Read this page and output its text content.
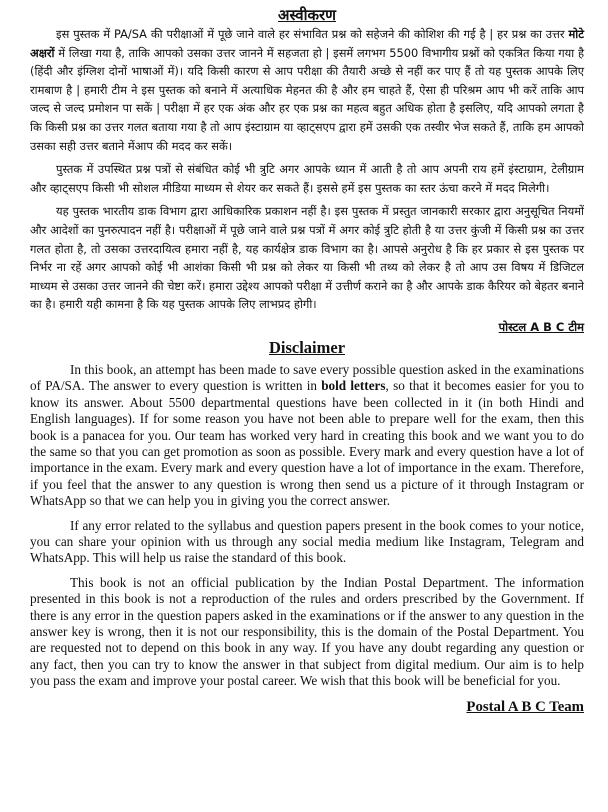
अस्वीकरण

इस पुस्तक में PA/SA की परीक्षाओं में पूछे जाने वाले हर संभावित प्रश्न को सहेजने की कोशिश की गई है | हर प्रश्न का उत्तर मोटे अक्षरों में लिखा गया है, ताकि आपको उसका उत्तर जानने में सहजता हो | इसमें लगभग 5500 विभागीय प्रश्नों को एकत्रित किया गया है (हिंदी और इंग्लिश दोनों भाषाओं में)। यदि किसी कारण से आप परीक्षा की तैयारी अच्छे से नहीं कर पाए हैं तो यह पुस्तक आपके लिए रामबाण है | हमारी टीम ने इस पुस्तक को बनाने में अत्याधिक मेहनत की है और हम चाहते हैं, ऐसा ही परिश्रम आप भी करें ताकि आप जल्द से जल्द प्रमोशन पा सकें | परीक्षा में हर एक अंक और हर एक प्रश्न का महत्व बहुत अधिक होता है इसलिए, यदि आपको लगता है कि किसी प्रश्न का उत्तर गलत बताया गया है तो आप इंस्टाग्राम या व्हाट्सएप द्वारा हमें उसकी एक तस्वीर भेज सकते हैं, ताकि हम आपको उसका सही उत्तर बताने मेंआप की मदद कर सकें।

पुस्तक में उपस्थित प्रश्न पत्रों से संबंधित कोई भी त्रुटि अगर आपके ध्यान में आती है तो आप अपनी राय हमें इंस्टाग्राम, टेलीग्राम और व्हाट्सएप किसी भी सोशल मीडिया माध्यम से शेयर कर सकते हैं। इससे हमें इस पुस्तक का स्तर ऊंचा करने में मदद मिलेगी।

यह पुस्तक भारतीय डाक विभाग द्वारा आधिकारिक प्रकाशन नहीं है। इस पुस्तक में प्रस्तुत जानकारी सरकार द्वारा अनुसूचित नियमों और आदेशों का पुनरुत्पादन नहीं है। परीक्षाओं में पूछे जाने वाले प्रश्न पत्रों में अगर कोई त्रुटि होती है या उत्तर कुंजी में किसी प्रश्न का उत्तर गलत होता है, तो उसका उत्तरदायित्व हमारा नहीं है, यह कार्यक्षेत्र डाक विभाग का है। आपसे अनुरोध है कि हर प्रकार से इस पुस्तक पर निर्भर ना रहें अगर आपको कोई भी आशंका किसी भी प्रश्न को लेकर या किसी भी तथ्य को लेकर है तो आप उस विषय में डिजिटल माध्यम से उसका उत्तर जानने की चेष्टा करें। हमारा उद्देश्य आपको परीक्षा में उत्तीर्ण कराने का है और आपके डाक कैरियर को बेहतर बनाने का है। हमारी यही कामना है कि यह पुस्तक आपके लिए लाभप्रद होगी।

पोस्टल A B C टीम
Disclaimer

In this book, an attempt has been made to save every possible question asked in the examinations of PA/SA. The answer to every question is written in bold letters, so that it becomes easier for you to know its answer. About 5500 departmental questions have been collected in it (in both Hindi and English languages). If for some reason you have not been able to prepare well for the exam, then this book is a panacea for you. Our team has worked very hard in creating this book and we want you to do the same so that you can get promotion as soon as possible. Every mark and every question have a lot of importance in the exam. Every mark and every question have a lot of importance in the exam. Therefore, if you feel that the answer to any question is wrong then send us a picture of it through Instagram or WhatsApp so that we can help you in giving you the correct answer.

If any error related to the syllabus and question papers present in the book comes to your notice, you can share your opinion with us through any social media medium like Instagram, Telegram and WhatsApp. This will help us raise the standard of this book.

This book is not an official publication by the Indian Postal Department. The information presented in this book is not a reproduction of the rules and orders prescribed by the Government. If there is any error in the question papers asked in the examinations or if the answer to any question in the answer key is wrong, then it is not our responsibility, this is the domain of the Postal Department. You are requested not to depend on this book in any way. If you have any doubt regarding any question or any fact, then you can try to know the answer in that subject from digital medium. Our aim is to help you pass the exam and improve your postal career. We wish that this book will be beneficial for you.

Postal A B C Team
